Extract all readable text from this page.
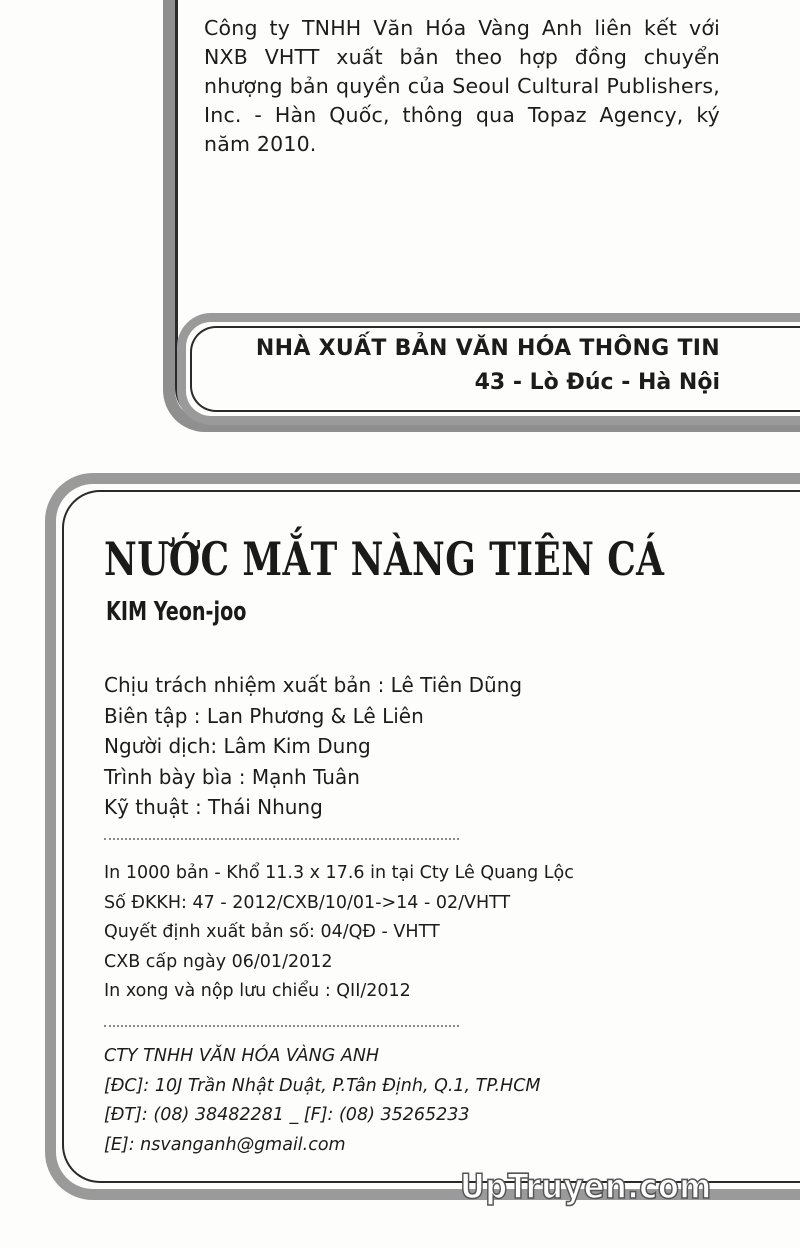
Công ty TNHH Văn Hóa Vàng Anh liên kết với NXB VHTT xuất bản theo hợp đồng chuyển nhượng bản quyền của Seoul Cultural Publishers, Inc. - Hàn Quốc, thông qua Topaz Agency, ký năm 2010.

NHÀ XUẤT BẢN VĂN HÓA THÔNG TIN

43 - Lò Đúc - Hà Nội

NƯỚC MẮT NÀNG TIÊN CÁ

KIM Yeon-joo

Chịu trách nhiệm xuất bản : Lê Tiên Dũng
Biên tập : Lan Phương & Lê Liên
Người dịch: Lâm Kim Dung
Trình bày bìa : Mạnh Tuân
Kỹ thuật : Thái Nhung
In 1000 bản - Khổ 11.3 x 17.6 in tại Cty Lê Quang Lộc
Số ĐKKH: 47 - 2012/CXB/10/01->14 - 02/VHTT
Quyết định xuất bản số: 04/QĐ - VHTT
CXB cấp ngày 06/01/2012
In xong và nộp lưu chiểu : QII/2012
CTY TNHH VĂN HÓA VÀNG ANH
[ĐC]: 10J Trần Nhật Duật, P.Tân Định, Q.1, TP.HCM
[ĐT]: (08) 38482281 _ [F]: (08) 35265233
[E]: nsvanganh@gmail.com

UpTruyen.com
